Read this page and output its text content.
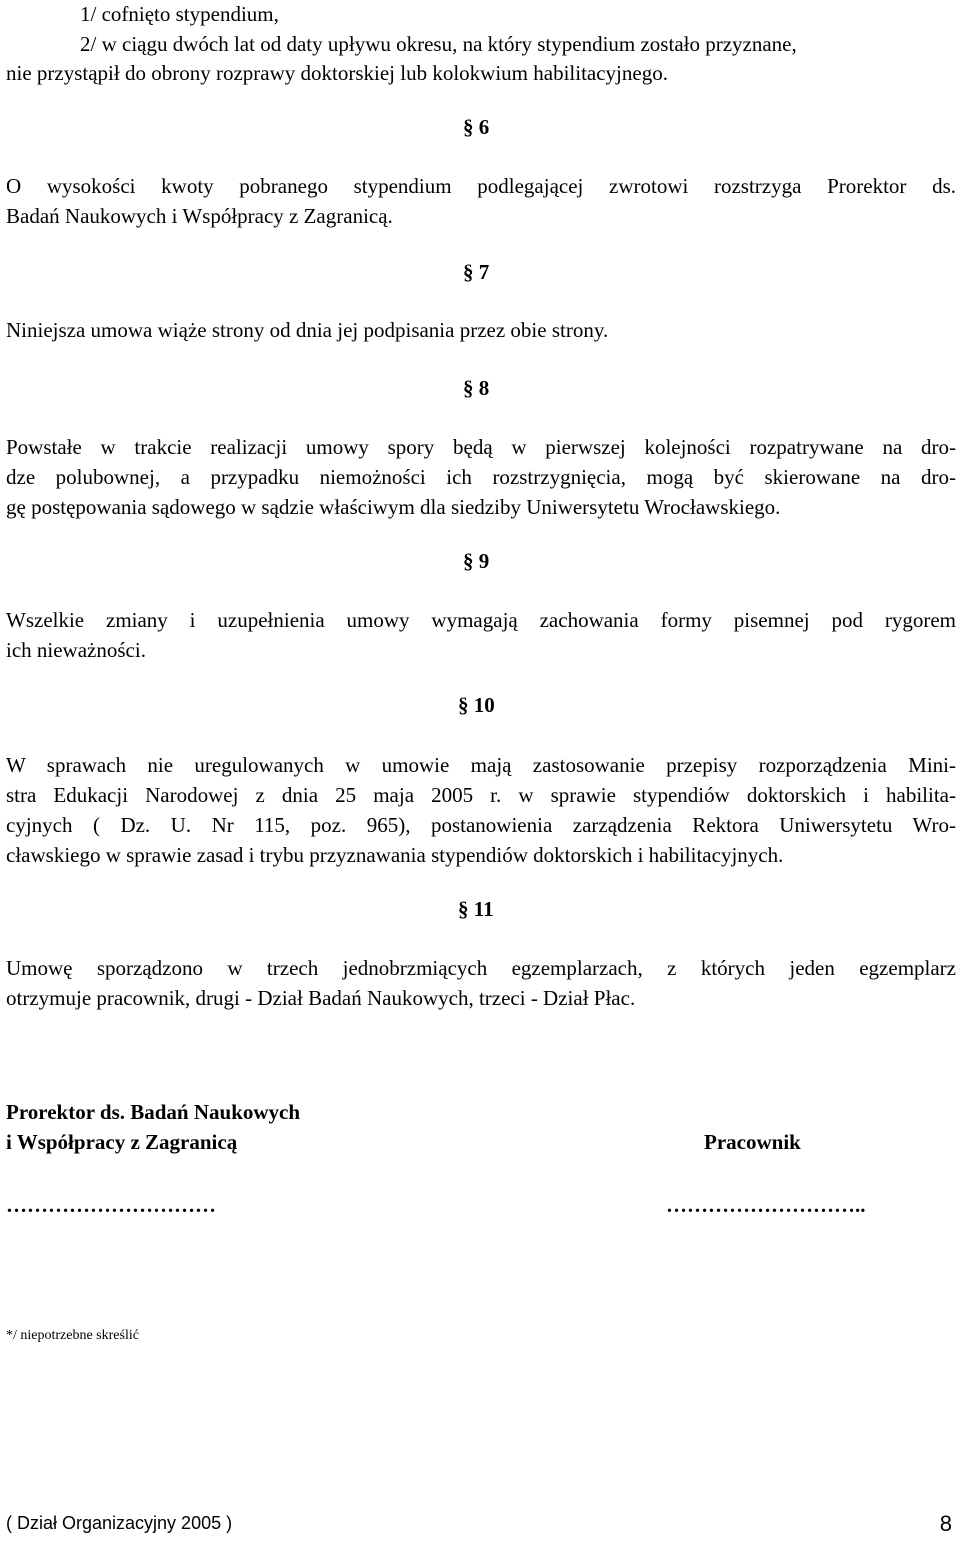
1/ cofnięto stypendium,
2/ w ciągu dwóch lat od daty upływu okresu, na który stypendium zostało przyznane,
nie przystąpił do obrony rozprawy doktorskiej lub kolokwium habilitacyjnego.
§ 6
O wysokości kwoty pobranego stypendium podlegającej zwrotowi rozstrzyga Prorektor ds.
Badań Naukowych i Współpracy z Zagranicą.
§ 7
Niniejsza umowa wiąże strony od dnia jej podpisania przez obie strony.
§ 8
Powstałe w trakcie realizacji umowy spory będą w pierwszej kolejności rozpatrywane na dro-
dze polubownej, a przypadku niemożności ich rozstrzygnięcia, mogą być skierowane na dro-
gę postępowania sądowego w sądzie właściwym dla siedziby Uniwersytetu Wrocławskiego.
§ 9
Wszelkie zmiany i uzupełnienia umowy wymagają zachowania formy pisemnej pod rygorem
ich nieważności.
§ 10
W sprawach nie uregulowanych w umowie mają zastosowanie przepisy rozporządzenia Mini-
stra Edukacji Narodowej z dnia 25 maja 2005 r. w sprawie stypendiów doktorskich i habilita-
cyjnych ( Dz. U. Nr 115, poz. 965), postanowienia zarządzenia Rektora Uniwersytetu Wro-
cławskiego w sprawie zasad i trybu przyznawania stypendiów doktorskich i habilitacyjnych.
§ 11
Umowę sporządzono w trzech jednobrzmiących egzemplarzach, z których jeden egzemplarz
otrzymuje pracownik, drugi - Dział Badań Naukowych, trzeci - Dział Płac.
Prorektor ds. Badań Naukowych
i Współpracy z Zagranicą	Pracownik
…………………………	………………………..
*/ niepotrzebne skreślić
( Dział Organizacyjny 2005 )	8
